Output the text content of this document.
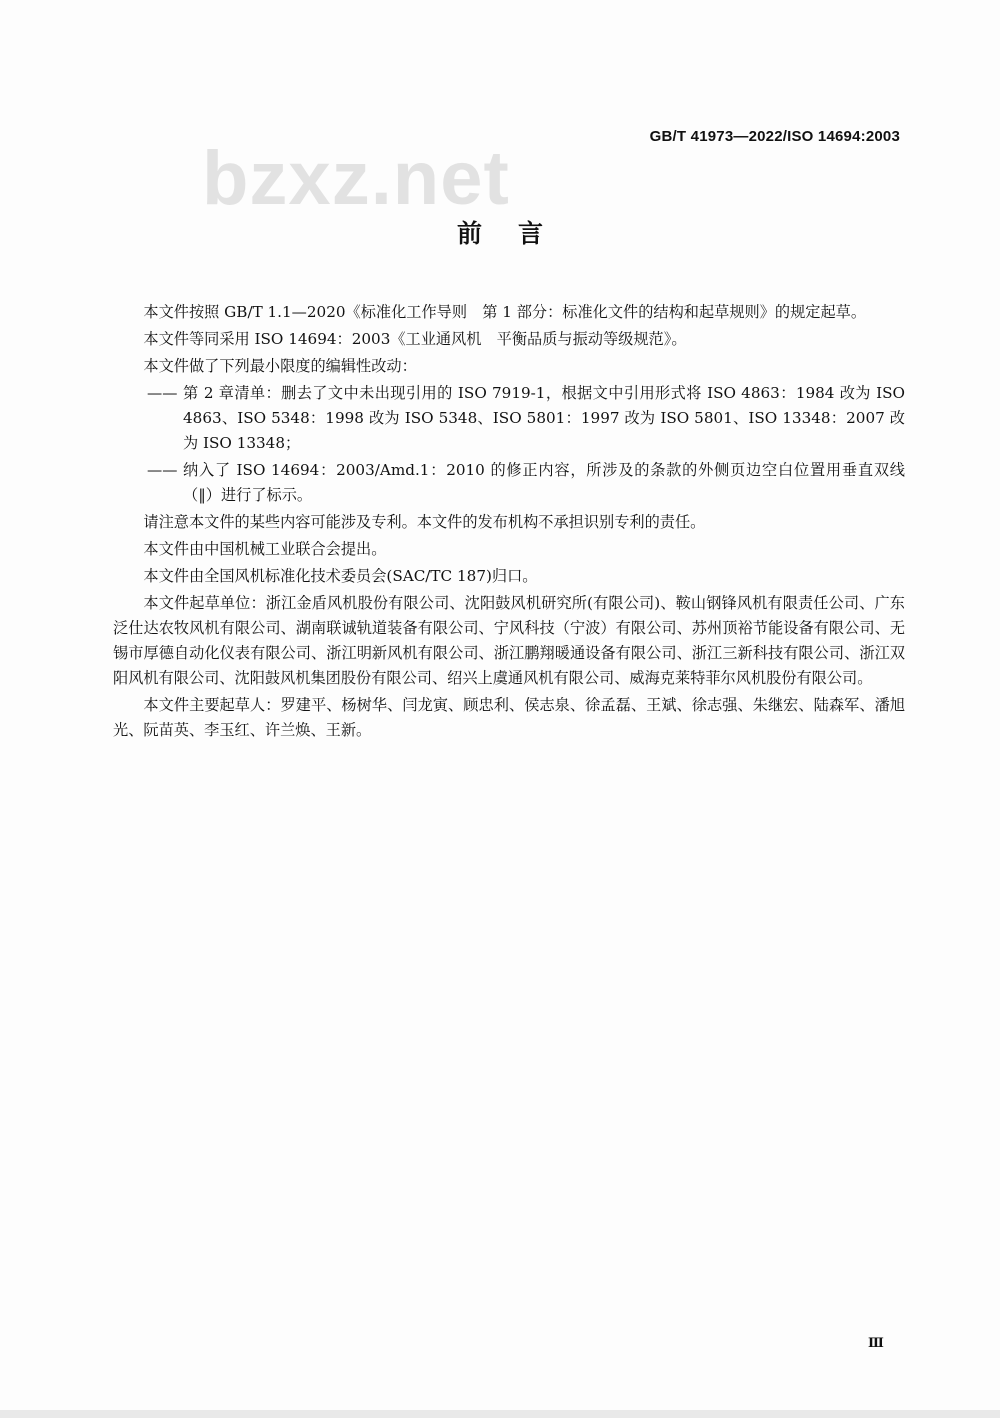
bzxz.net	GB/T 41973—2022/ISO 14694:2003
前言

本文件按照 GB/T 1.1—2020《标准化工作导则　第 1 部分：标准化文件的结构和起草规则》的规定起草。

本文件等同采用 ISO 14694：2003《工业通风机　平衡品质与振动等级规范》。

本文件做了下列最小限度的编辑性改动：

—— 第 2 章清单：删去了文中未出现引用的 ISO 7919-1，根据文中引用形式将 ISO 4863：1984 改为 ISO 4863、ISO 5348：1998 改为 ISO 5348、ISO 5801：1997 改为 ISO 5801、ISO 13348：2007 改为 ISO 13348；

—— 纳入了 ISO 14694：2003/Amd.1：2010 的修正内容，所涉及的条款的外侧页边空白位置用垂直双线（‖）进行了标示。

请注意本文件的某些内容可能涉及专利。本文件的发布机构不承担识别专利的责任。

本文件由中国机械工业联合会提出。

本文件由全国风机标准化技术委员会(SAC/TC 187)归口。

本文件起草单位：浙江金盾风机股份有限公司、沈阳鼓风机研究所(有限公司)、鞍山钢锋风机有限责任公司、广东泛仕达农牧风机有限公司、湖南联诚轨道装备有限公司、宁风科技（宁波）有限公司、苏州顶裕节能设备有限公司、无锡市厚德自动化仪表有限公司、浙江明新风机有限公司、浙江鹏翔暖通设备有限公司、浙江三新科技有限公司、浙江双阳风机有限公司、沈阳鼓风机集团股份有限公司、绍兴上虞通风机有限公司、威海克莱特菲尔风机股份有限公司。

本文件主要起草人：罗建平、杨树华、闫龙寅、顾忠利、侯志泉、徐孟磊、王斌、徐志强、朱继宏、陆森军、潘旭光、阮苗英、李玉红、许兰焕、王新。

Ⅲ
